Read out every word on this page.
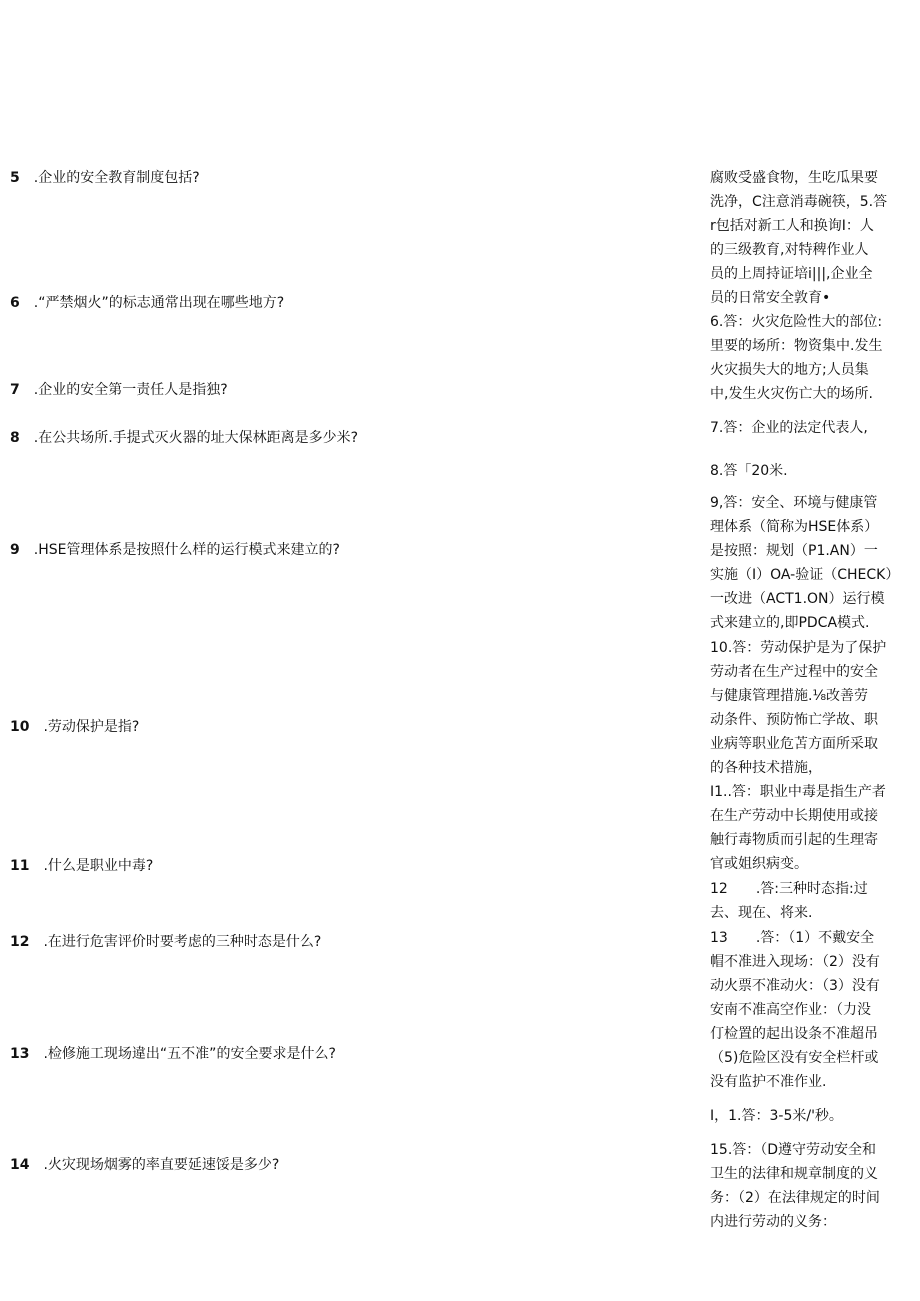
5 .企业的安全教育制度包括?
6 .“严禁烟火”的标志通常出现在哪些地方?
7 .企业的安全第一责任人是指独?
8 .在公共场所.手提式灭火器的址大保林距离是多少米?
9 .HSE管理体系是按照什么样的运行模式来建立的?
10 .劳动保护是指?
11 .什么是职业中毒?
12 .在进行危害评价时要考虑的三种时态是什么?
13 .检修施工现场違出“五不准”的安全要求是什么?
14 .火灾现场烟雾的率直要延速馁是多少?
腐败受盛食物，生吃瓜果要
洗净，C注意消毒碗筷，5.答
r包括对新工人和换询I：人
的三级教育,对特稗作业人
员的上周持证培i|||,企业全
员的日常安全敦育•
6.答：火灾危险性大的部位:
里要的场所：物资集中.发生
火灾损失大的地方;人员集
中,发生火灾伤亡大的场所.
7.答：企业的法定代表人,
8.答「20米.
9,答：安全、环境与健康管
理体系（简称为HSE体系）
是按照：规划（P1.AN）一
实施（I）OA-验证（CHECK）
一改进（ACT1.ON）运行模
式来建立的,即PDCA模式.
10.答：劳动保护是为了保护
劳动者在生产过程中的安全
与健康管理措施.⅛改善劳
动条件、预防怖亡学故、职
业病等职业危苫方面所采取
的各种技术措施，
I1..答：职业中毒是指生产者
在生产劳动中长期使用或接
触行毒物质而引起的生理寄
官或姐织病变。
12　　.答:三种时态指:过
去、现在、将来.
13　　.答：（1）不戴安全
帽不准进入现场：（2）没有
动火票不准动火：（3）没有
安南不准高空作业：（力没
仃检置的起出设条不准超吊
（5)危险区没有安全栏杆或
没有监护不准作业.
I，1.答：3-5米/'秒。
15.答：（D遵守劳动安全和
卫生的法律和规章制度的义
务：（2）在法律规定的时间
内进行劳动的义务：
